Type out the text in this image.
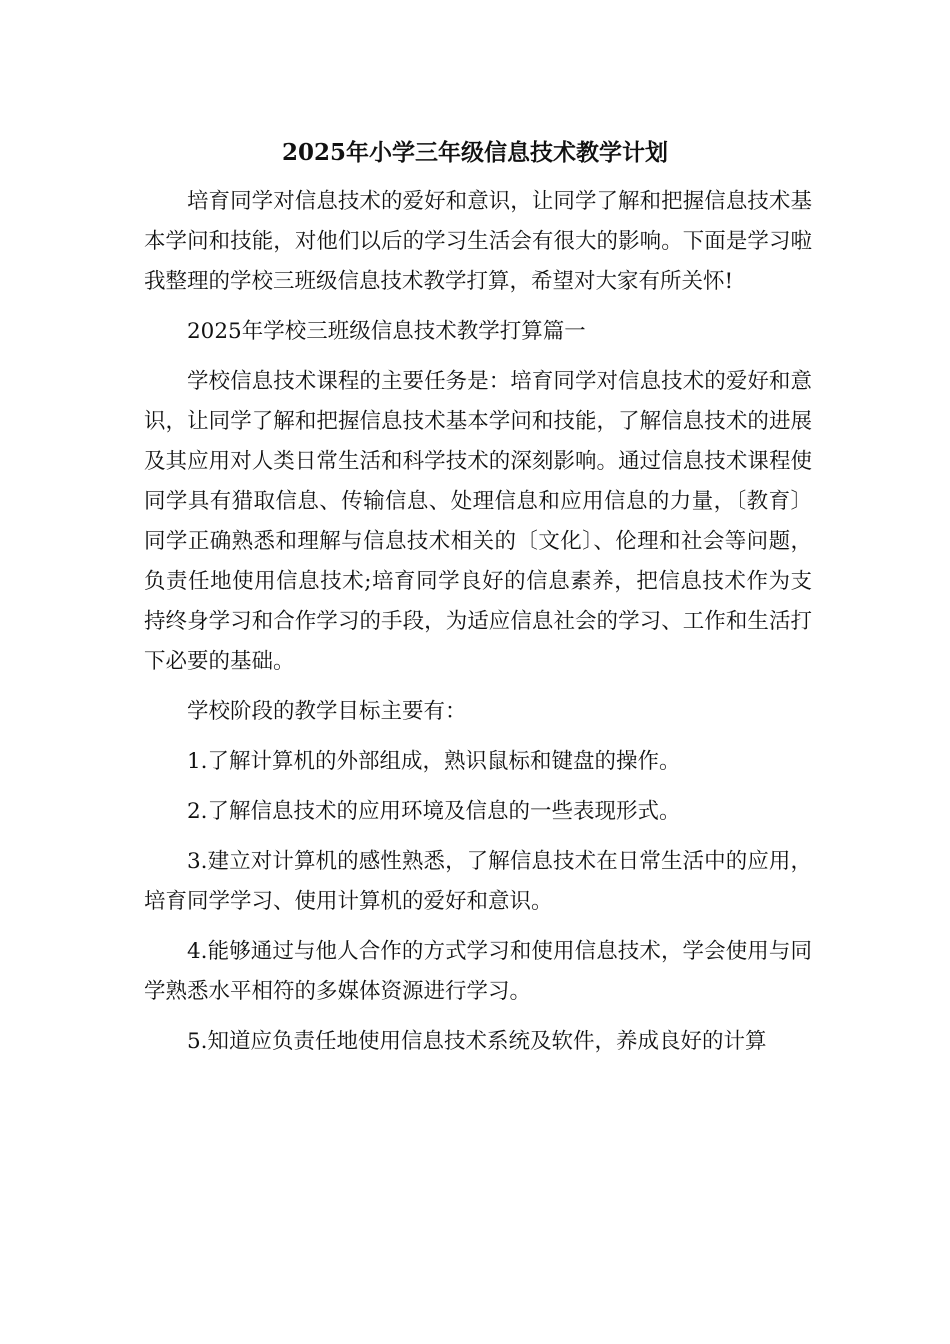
2025年小学三年级信息技术教学计划

培育同学对信息技术的爱好和意识，让同学了解和把握信息技术基本学问和技能，对他们以后的学习生活会有很大的影响。下面是学习啦我整理的学校三班级信息技术教学打算，希望对大家有所关怀!

2025年学校三班级信息技术教学打算篇一

学校信息技术课程的主要任务是：培育同学对信息技术的爱好和意识，让同学了解和把握信息技术基本学问和技能，了解信息技术的进展及其应用对人类日常生活和科学技术的深刻影响。通过信息技术课程使同学具有猎取信息、传输信息、处理信息和应用信息的力量，〔教育〕同学正确熟悉和理解与信息技术相关的〔文化〕、伦理和社会等问题，负责任地使用信息技术;培育同学良好的信息素养，把信息技术作为支持终身学习和合作学习的手段，为适应信息社会的学习、工作和生活打下必要的基础。

学校阶段的教学目标主要有：

1.了解计算机的外部组成，熟识鼠标和键盘的操作。

2.了解信息技术的应用环境及信息的一些表现形式。

3.建立对计算机的感性熟悉，了解信息技术在日常生活中的应用，培育同学学习、使用计算机的爱好和意识。

4.能够通过与他人合作的方式学习和使用信息技术，学会使用与同学熟悉水平相符的多媒体资源进行学习。

5.知道应负责任地使用信息技术系统及软件，养成良好的计算
